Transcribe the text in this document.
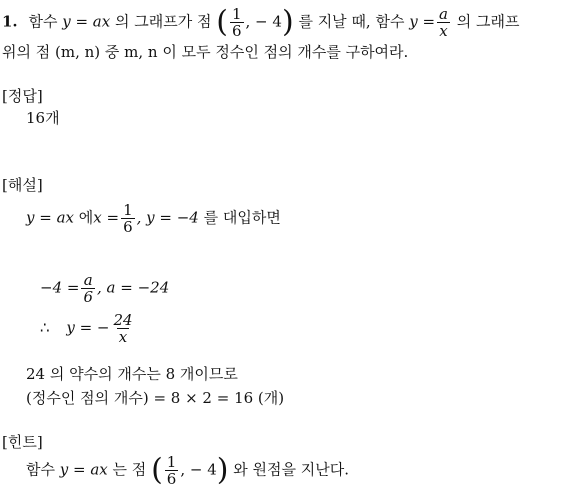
1. 함수 y = ax 의 그래프가 점 ( $\frac{1}{6}$ , − 4) 를 지날 때, 함수 $y = \frac{a}{x}$ 의 그래프
위의 점 (m, n) 중 m, n 이 모두 정수인 점의 개수를 구하여라.
[정답]
16개
[해설]
y = ax 에$x = \frac{1}{6}$ , y = −4 를 대입하면
$-4 = \frac{a}{6}$ , a = −24
∴ y = − $\frac{24}{x}$
24 의 약수의 개수는 8 개이므로
(정수인 점의 개수) = 8 × 2 = 16 (개)
[힌트]
함수 y = ax 는 점 ( $\frac{1}{6}$ , − 4) 와 원점을 지난다.
